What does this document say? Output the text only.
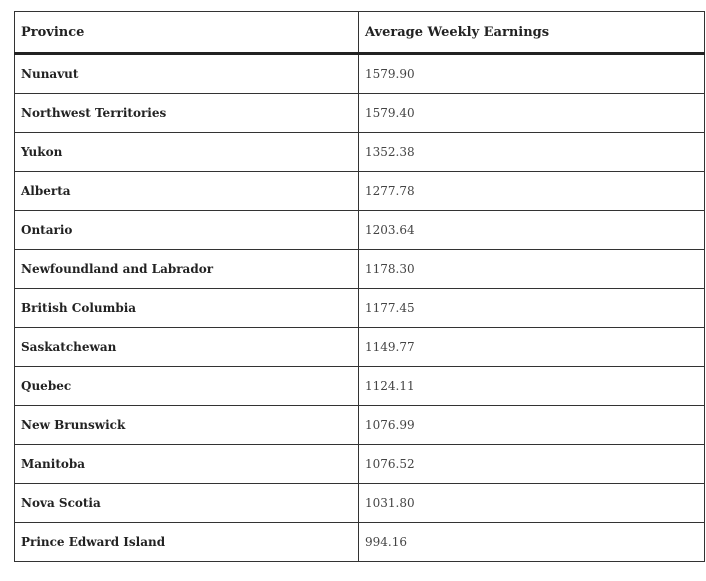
Province	Average Weekly Earnings
Nunavut	1579.90
Northwest Territories	1579.40
Yukon	1352.38
Alberta	1277.78
Ontario	1203.64
Newfoundland and Labrador	1178.30
British Columbia	1177.45
Saskatchewan	1149.77
Quebec	1124.11
New Brunswick	1076.99
Manitoba	1076.52
Nova Scotia	1031.80
Prince Edward Island	994.16
